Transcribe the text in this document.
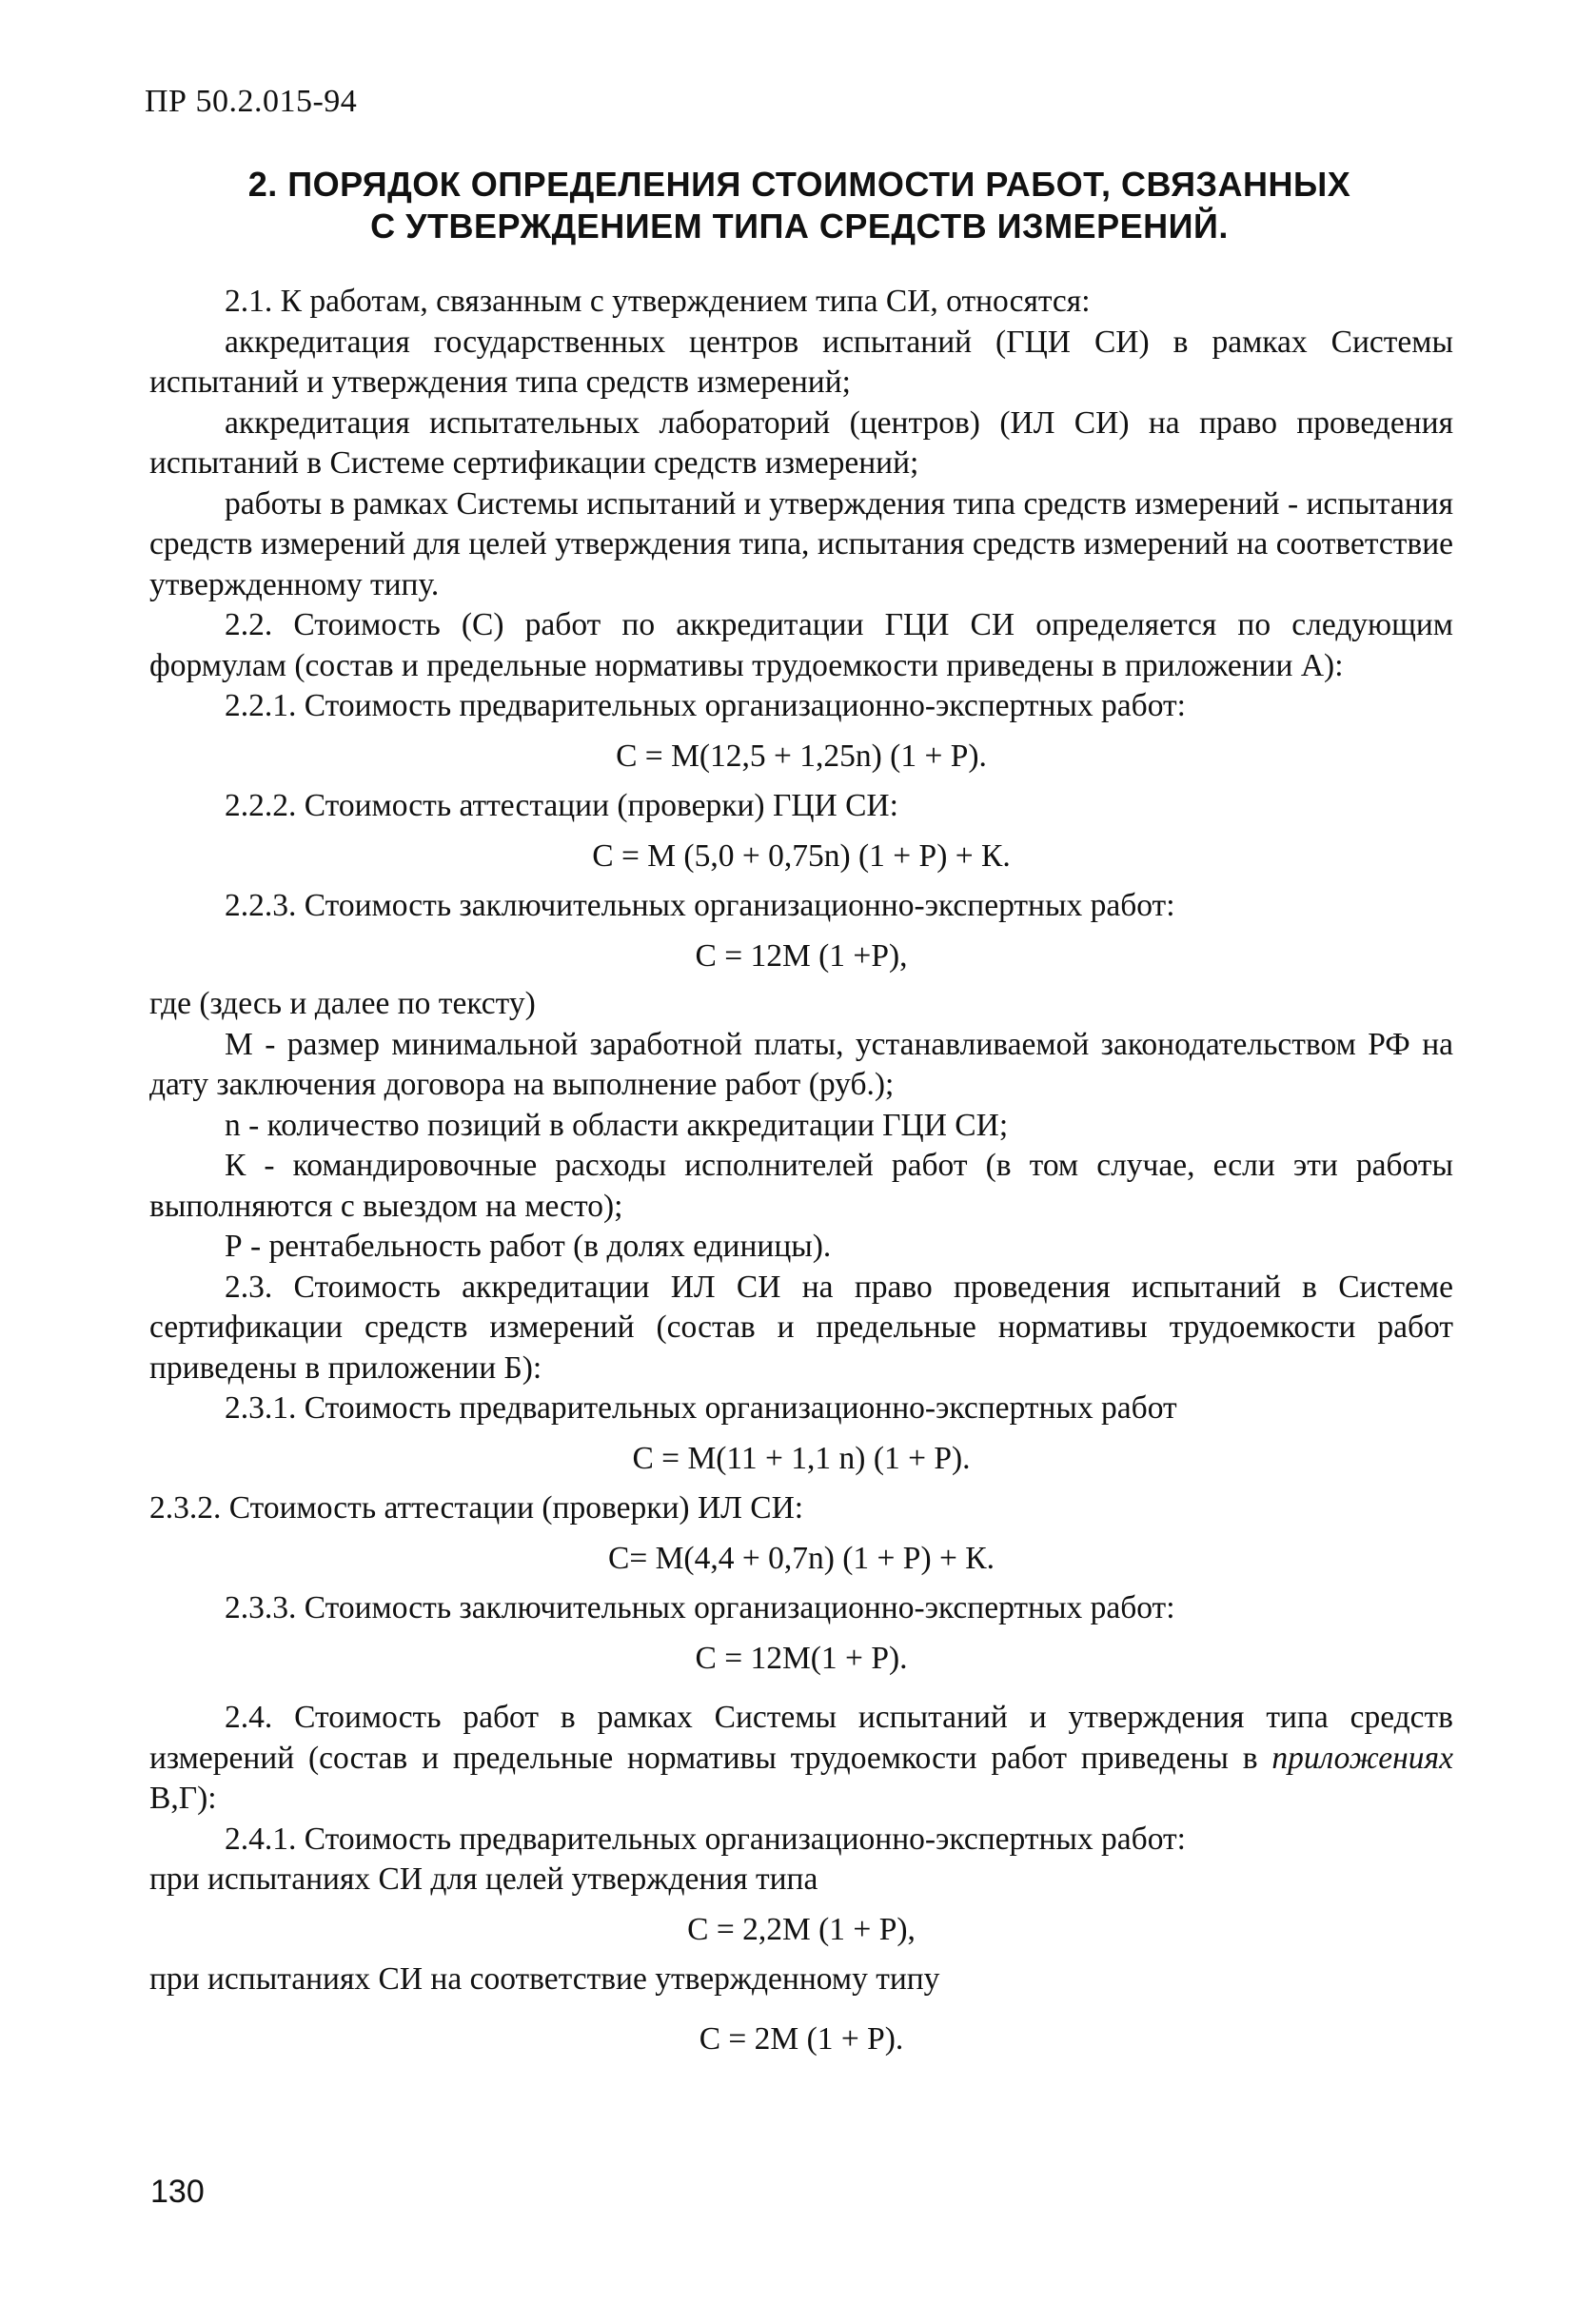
ПР 50.2.015-94
2. ПОРЯДОК ОПРЕДЕЛЕНИЯ СТОИМОСТИ РАБОТ, СВЯЗАННЫХ
С УТВЕРЖДЕНИЕМ ТИПА СРЕДСТВ ИЗМЕРЕНИЙ.

2.1. К работам, связанным с утверждением типа СИ, относятся:

аккредитация государственных центров испытаний (ГЦИ СИ) в рамках Системы испытаний и утверждения типа средств измерений;

аккредитация испытательных лабораторий (центров) (ИЛ СИ) на право проведения испытаний в Системе сертификации средств измерений;

работы в рамках Системы испытаний и утверждения типа средств измерений - испытания средств измерений для целей утверждения типа, испытания средств измерений на соответствие утвержденному типу.

2.2. Стоимость (С) работ по аккредитации ГЦИ СИ определяется по следующим формулам (состав и предельные нормативы трудоемкости приведены в приложении А):

2.2.1. Стоимость предварительных организационно-экспертных работ:

С = М(12,5 + 1,25n) (1 + Р).

2.2.2. Стоимость аттестации (проверки) ГЦИ СИ:

С = М (5,0 + 0,75n) (1 + Р) + К.

2.2.3. Стоимость заключительных организационно-экспертных работ:

С = 12М (1 +Р),

где (здесь и далее по тексту)

М - размер минимальной заработной платы, устанавливаемой законодательством РФ на дату заключения договора на выполнение работ (руб.);

n - количество позиций в области аккредитации ГЦИ СИ;

К - командировочные расходы исполнителей работ (в том случае, если эти работы выполняются с выездом на место);

Р - рентабельность работ (в долях единицы).

2.3. Стоимость аккредитации ИЛ СИ на право проведения испытаний в Системе сертификации средств измерений (состав и предельные нормативы трудоемкости работ приведены в приложении Б):

2.3.1. Стоимость предварительных организационно-экспертных работ

С = М(11 + 1,1 n) (1 + Р).

2.3.2. Стоимость аттестации (проверки) ИЛ СИ:

С= М(4,4 + 0,7n) (1 + Р) + К.

2.3.3. Стоимость заключительных организационно-экспертных работ:

С = 12М(1 + Р).

2.4. Стоимость работ в рамках Системы испытаний и утверждения типа средств измерений (состав и предельные нормативы трудоемкости работ приведены в приложениях В,Г):

2.4.1. Стоимость предварительных организационно-экспертных работ:

при испытаниях СИ для целей утверждения типа

С = 2,2М (1 + Р),

при испытаниях СИ на соответствие утвержденному типу

С = 2М (1 + Р).

130
